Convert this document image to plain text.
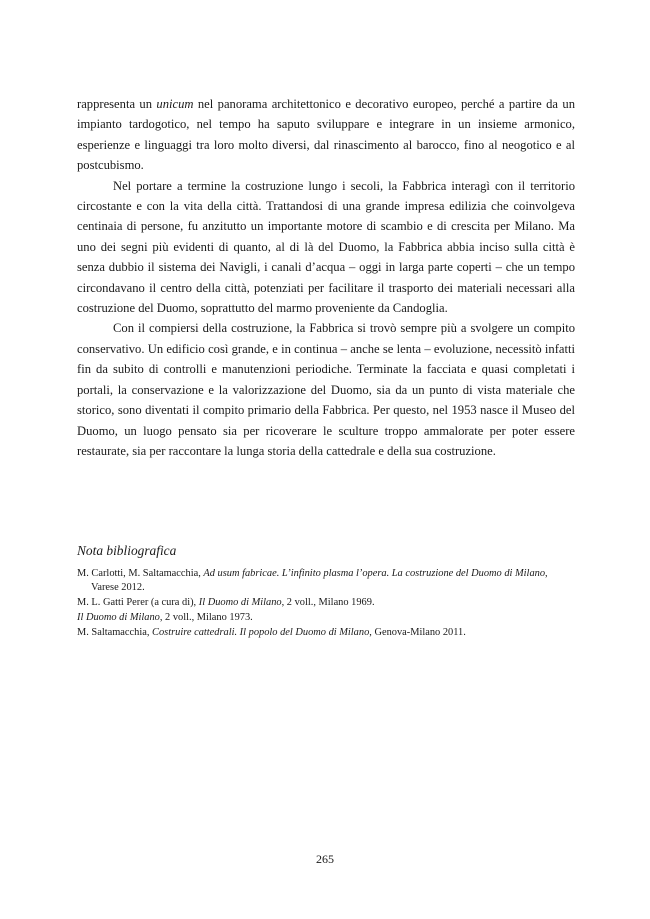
rappresenta un unicum nel panorama architettonico e decorativo europeo, perché a partire da un impianto tardogotico, nel tempo ha saputo sviluppare e integrare in un insieme armonico, esperienze e linguaggi tra loro molto diversi, dal rinascimento al barocco, fino al neogotico e al postcubismo.

Nel portare a termine la costruzione lungo i secoli, la Fabbrica interagì con il territorio circostante e con la vita della città. Trattandosi di una grande impresa edilizia che coinvolgeva centinaia di persone, fu anzitutto un importante motore di scambio e di crescita per Milano. Ma uno dei segni più evidenti di quanto, al di là del Duomo, la Fabbrica abbia inciso sulla città è senza dubbio il sistema dei Navigli, i canali d’acqua – oggi in larga parte coperti – che un tempo circondavano il centro della città, potenziati per facilitare il trasporto dei materiali necessari alla costruzione del Duomo, soprattutto del marmo proveniente da Candoglia.

Con il compiersi della costruzione, la Fabbrica si trovò sempre più a svolgere un compito conservativo. Un edificio così grande, e in continua – anche se lenta – evoluzione, necessitò infatti fin da subito di controlli e manutenzioni periodiche. Terminate la facciata e quasi completati i portali, la conservazione e la valorizzazione del Duomo, sia da un punto di vista materiale che storico, sono diventati il compito primario della Fabbrica. Per questo, nel 1953 nasce il Museo del Duomo, un luogo pensato sia per ricoverare le sculture troppo ammalorate per poter essere restaurate, sia per raccontare la lunga storia della cattedrale e della sua costruzione.

Nota bibliografica

M. Carlotti, M. Saltamacchia, Ad usum fabricae. L’infinito plasma l’opera. La costruzione del Duomo di Milano, Varese 2012.

M. L. Gatti Perer (a cura di), Il Duomo di Milano, 2 voll., Milano 1969.

Il Duomo di Milano, 2 voll., Milano 1973.

M. Saltamacchia, Costruire cattedrali. Il popolo del Duomo di Milano, Genova-Milano 2011.

265
